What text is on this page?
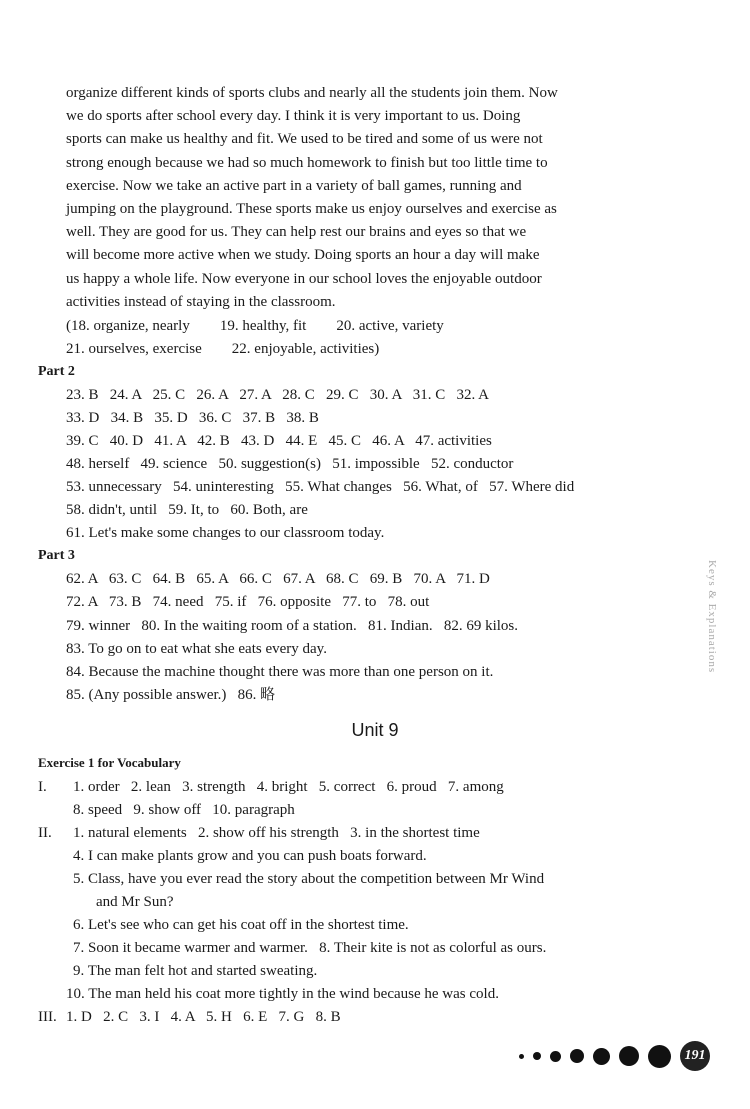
organize different kinds of sports clubs and nearly all the students join them. Now

we do sports after school every day. I think it is very important to us. Doing

sports can make us healthy and fit. We used to be tired and some of us were not

strong enough because we had so much homework to finish but too little time to

exercise. Now we take an active part in a variety of ball games, running and

jumping on the playground. These sports make us enjoy ourselves and exercise as

well. They are good for us. They can help rest our brains and eyes so that we

will become more active when we study. Doing sports an hour a day will make

us happy a whole life. Now everyone in our school loves the enjoyable outdoor

activities instead of staying in the classroom.

(18. organize, nearly        19. healthy, fit        20. active, variety
21. ourselves, exercise        22. enjoyable, activities)
Part 2
23. B   24. A   25. C   26. A   27. A   28. C   29. C   30. A   31. C   32. A
33. D   34. B   35. D   36. C   37. B   38. B
39. C   40. D   41. A   42. B   43. D   44. E   45. C   46. A   47. activities
48. herself   49. science   50. suggestion(s)   51. impossible   52. conductor
53. unnecessary   54. uninteresting   55. What changes   56. What, of   57. Where did
58. didn't, until   59. It, to   60. Both, are
61. Let's make some changes to our classroom today.
Part 3
62. A   63. C   64. B   65. A   66. C   67. A   68. C   69. B   70. A   71. D
72. A   73. B   74. need   75. if   76. opposite   77. to   78. out
79. winner   80. In the waiting room of a station.   81. Indian.   82. 69 kilos.
83. To go on to eat what she eats every day.
84. Because the machine thought there was more than one person on it.
85. (Any possible answer.)   86. 略
Unit 9
Exercise 1 for Vocabulary
I. 1. order   2. lean   3. strength   4. bright   5. correct   6. proud   7. among
8. speed   9. show off   10. paragraph
II. 1. natural elements   2. show off his strength   3. in the shortest time
4. I can make plants grow and you can push boats forward.
5. Class, have you ever read the story about the competition between Mr Wind
and Mr Sun?
6. Let's see who can get his coat off in the shortest time.
7. Soon it became warmer and warmer.   8. Their kite is not as colorful as ours.
9. The man felt hot and started sweating.
10. The man held his coat more tightly in the wind because he was cold.
III. 1. D   2. C   3. I   4. A   5. H   6. E   7. G   8. B
Keys & Explanations
191
